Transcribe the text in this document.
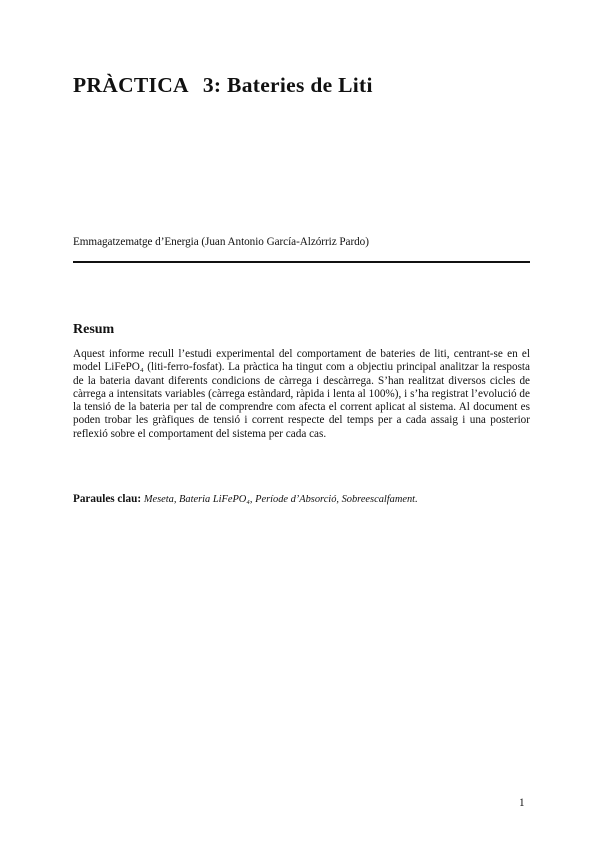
PRÀCTICA 3: Bateries de Liti
Emmagatzematge d’Energia (Juan Antonio García-Alzórriz Pardo)
Resum

Aquest informe recull l’estudi experimental del comportament de bateries de liti, centrant-se en el model LiFePO₄ (liti-ferro-fosfat). La pràctica ha tingut com a objectiu principal analitzar la resposta de la bateria davant diferents condicions de càrrega i descàrrega. S’han realitzat diversos cicles de càrrega a intensitats variables (càrrega estàndard, ràpida i lenta al 100%), i s’ha registrat l’evolució de la tensió de la bateria per tal de comprendre com afecta el corrent aplicat al sistema. Al document es poden trobar les gràfiques de tensió i corrent respecte del temps per a cada assaig i una posterior reflexió sobre el comportament del sistema per cada cas.

Paraules clau: Meseta, Bateria LiFePO₄, Període d’Absorció, Sobreescalfament.
1
